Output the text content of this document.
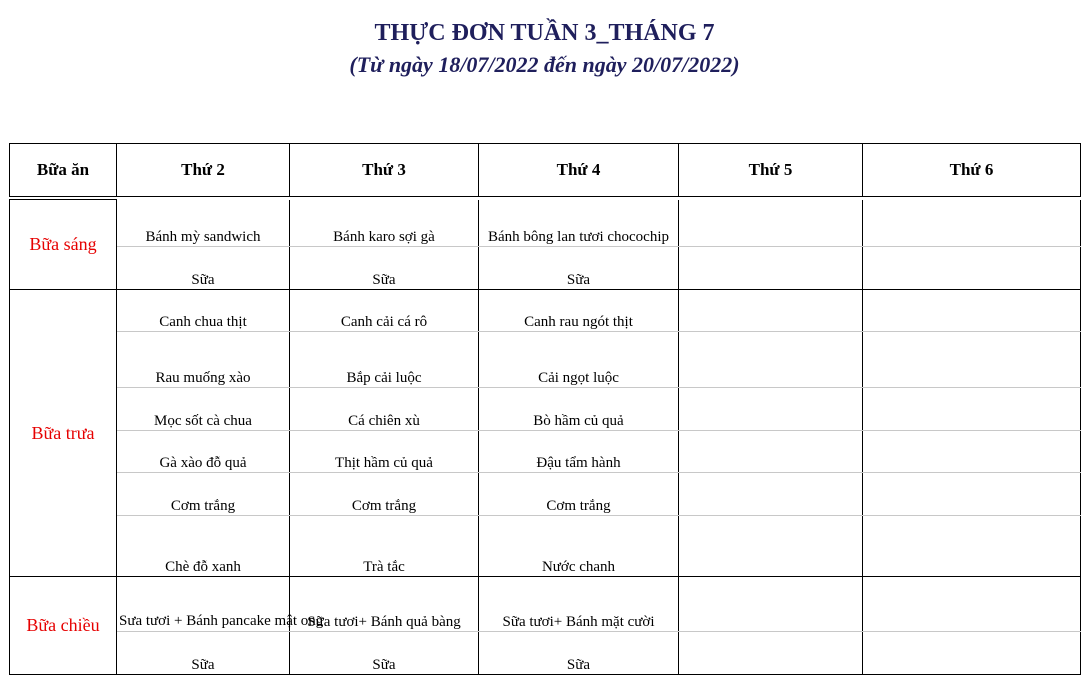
THỰC ĐƠN TUẦN 3_THÁNG 7
(Từ ngày 18/07/2022 đến ngày 20/07/2022)
Bữa ăn	Thứ 2	Thứ 3	Thứ 4	Thứ 5	Thứ 6

Bữa sáng	Bánh mỳ sandwich	Bánh karo sợi gà	Bánh bông lan tươi chocochip		
	Sữa	Sữa	Sữa		
Bữa trưa	Canh chua thịt	Canh cải cá rô	Canh rau ngót thịt		
	Rau muống xào	Bắp cải luộc	Cải ngọt luộc		
	Mọc sốt cà chua	Cá chiên xù	Bò hầm củ quả		
	Gà xào đỗ quả	Thịt hầm củ quả	Đậu tẩm hành		
	Cơm trắng	Cơm trắng	Cơm trắng		
	Chè đỗ xanh	Trà tắc	Nước chanh		
Bữa chiều	Sưa tươi + Bánh pancake mật ong	Sữa tươi+ Bánh quả bàng	Sữa tươi+ Bánh mặt cười		
	Sữa	Sữa	Sữa		
